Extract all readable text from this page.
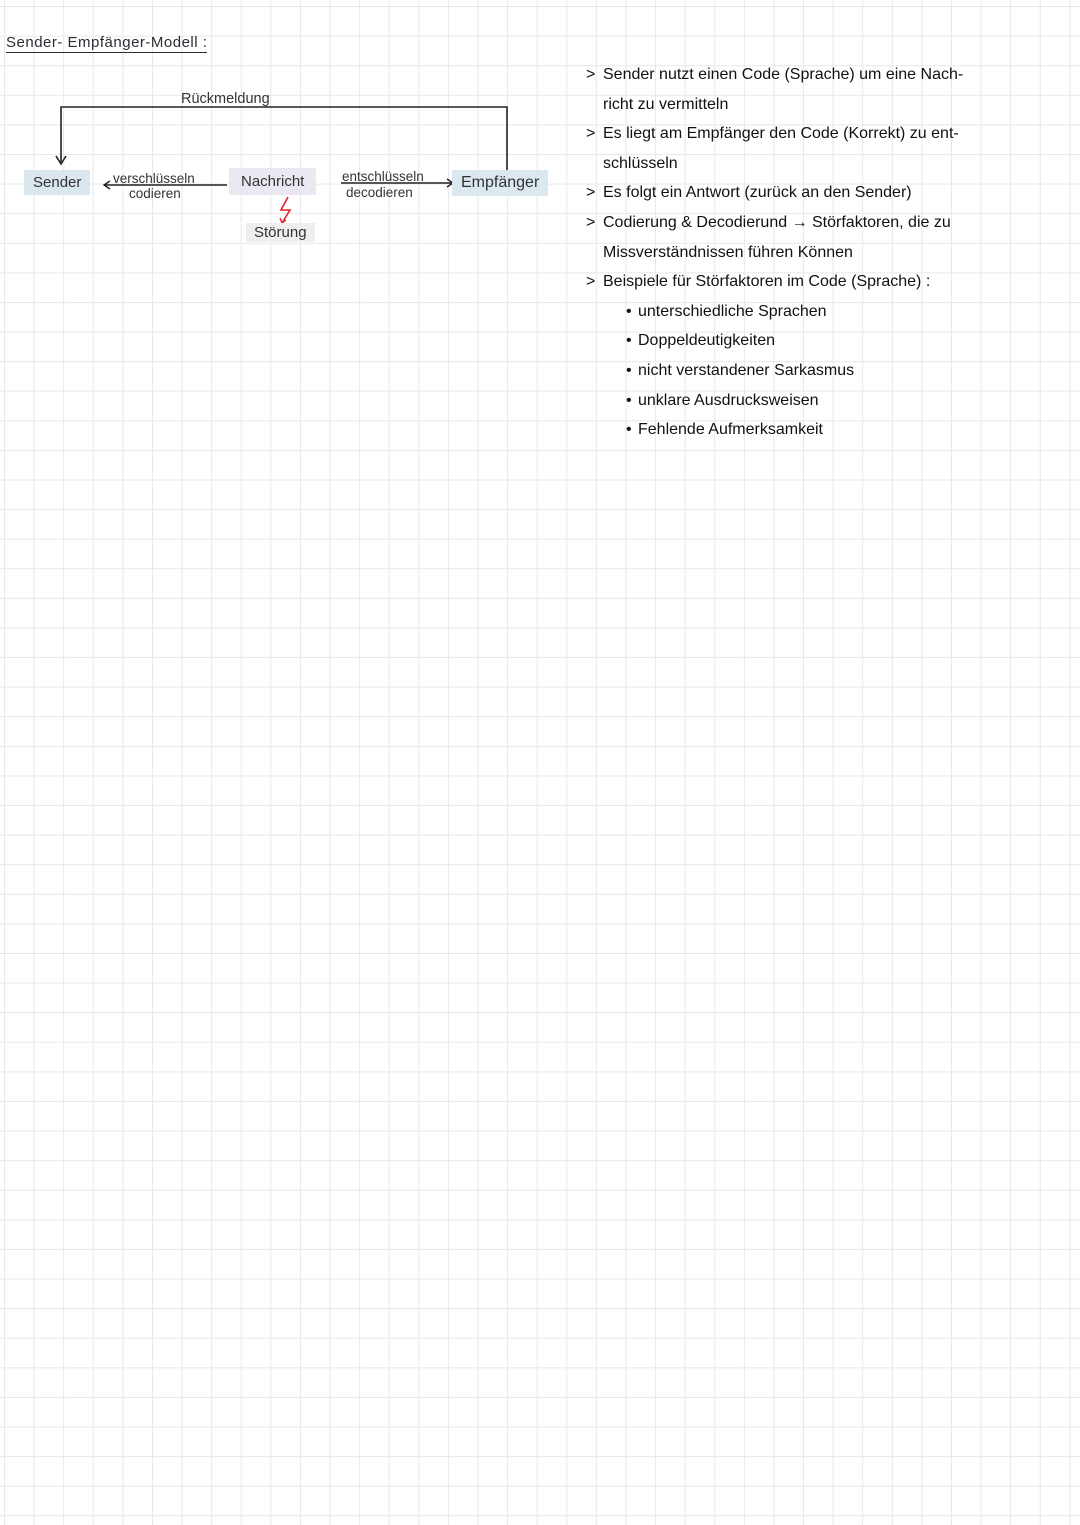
Sender- Empfänger-Modell :
Rückmeldung
Sender	verschlüsseln
codieren
Nachricht	entschlüsseln
decodieren
Empfänger
Störung
> Sender nutzt einen Code (Sprache) um eine Nach-
richt zu vermitteln
> Es liegt am Empfänger den Code (Korrekt) zu ent-
schlüsseln
> Es folgt ein Antwort (zurück an den Sender)
> Codierung & Decodierund → Störfaktoren, die zu
Missverständnissen führen Können
> Beispiele für Störfaktoren im Code (Sprache) :
• unterschiedliche Sprachen
• Doppeldeutigkeiten
• nicht verstandener Sarkasmus
• unklare Ausdrucksweisen
• Fehlende Aufmerksamkeit
